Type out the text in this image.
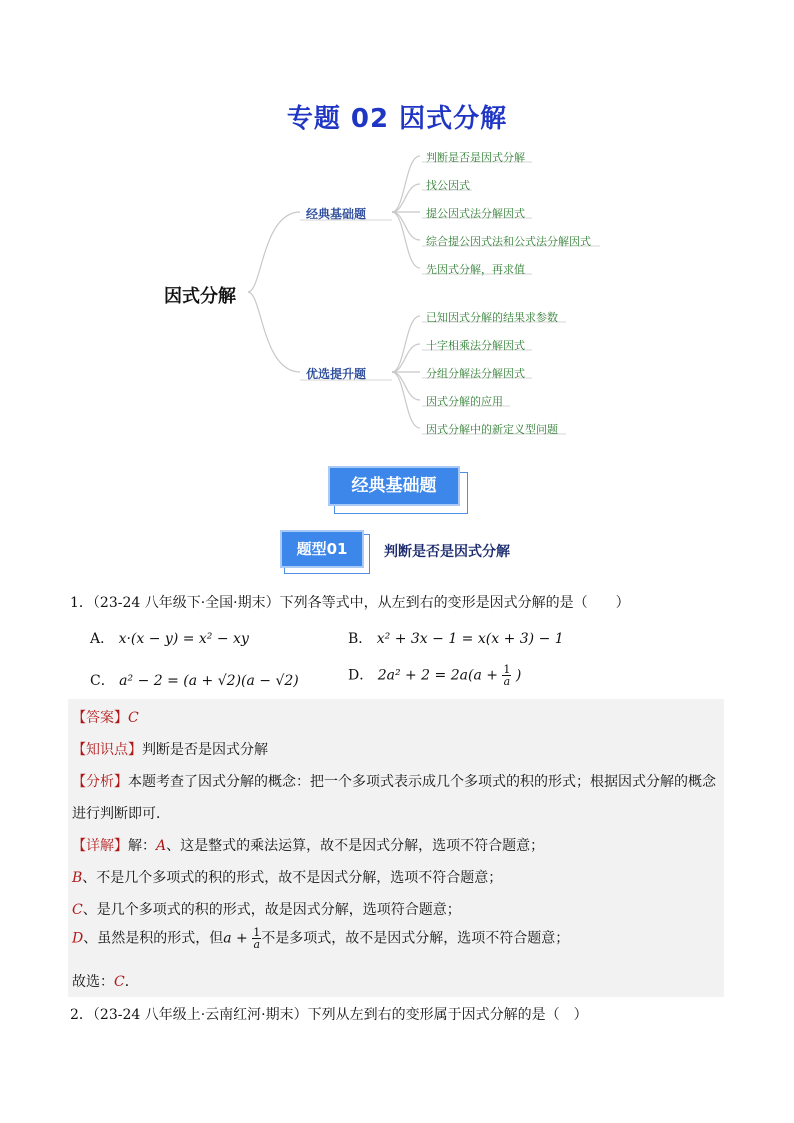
专题 02 因式分解
因式分解
经典基础题
优选提升题
判断是否是因式分解
找公因式
提公因式法分解因式
综合提公因式法和公式法分解因式
先因式分解，再求值
已知因式分解的结果求参数
十字相乘法分解因式
分组分解法分解因式
因式分解的应用
因式分解中的新定义型问题
经典基础题
题型01	判断是否是因式分解
1．（23-24 八年级下·全国·期末）下列各等式中，从左到右的变形是因式分解的是（　　）
A． x·(x − y) = x² − xy	B． x² + 3x − 1 = x(x + 3) − 1
C． a² − 2 = (a + √2)(a − √2)	D． $2a^2 + 2 = 2a(a + \frac{1}{a}$ )
【答案】C
【知识点】判断是否是因式分解
【分析】本题考查了因式分解的概念：把一个多项式表示成几个多项式的积的形式；根据因式分解的概念
进行判断即可．
【详解】解：A、这是整式的乘法运算，故不是因式分解，选项不符合题意；
B、不是几个多项式的积的形式，故不是因式分解，选项不符合题意；
C、是几个多项式的积的形式，故是因式分解，选项符合题意；
D、虽然是积的形式，但$a + \frac{1}{a}$ 不是多项式，故不是因式分解，选项不符合题意；
故选：C．
2．（23-24 八年级上·云南红河·期末）下列从左到右的变形属于因式分解的是（　）
